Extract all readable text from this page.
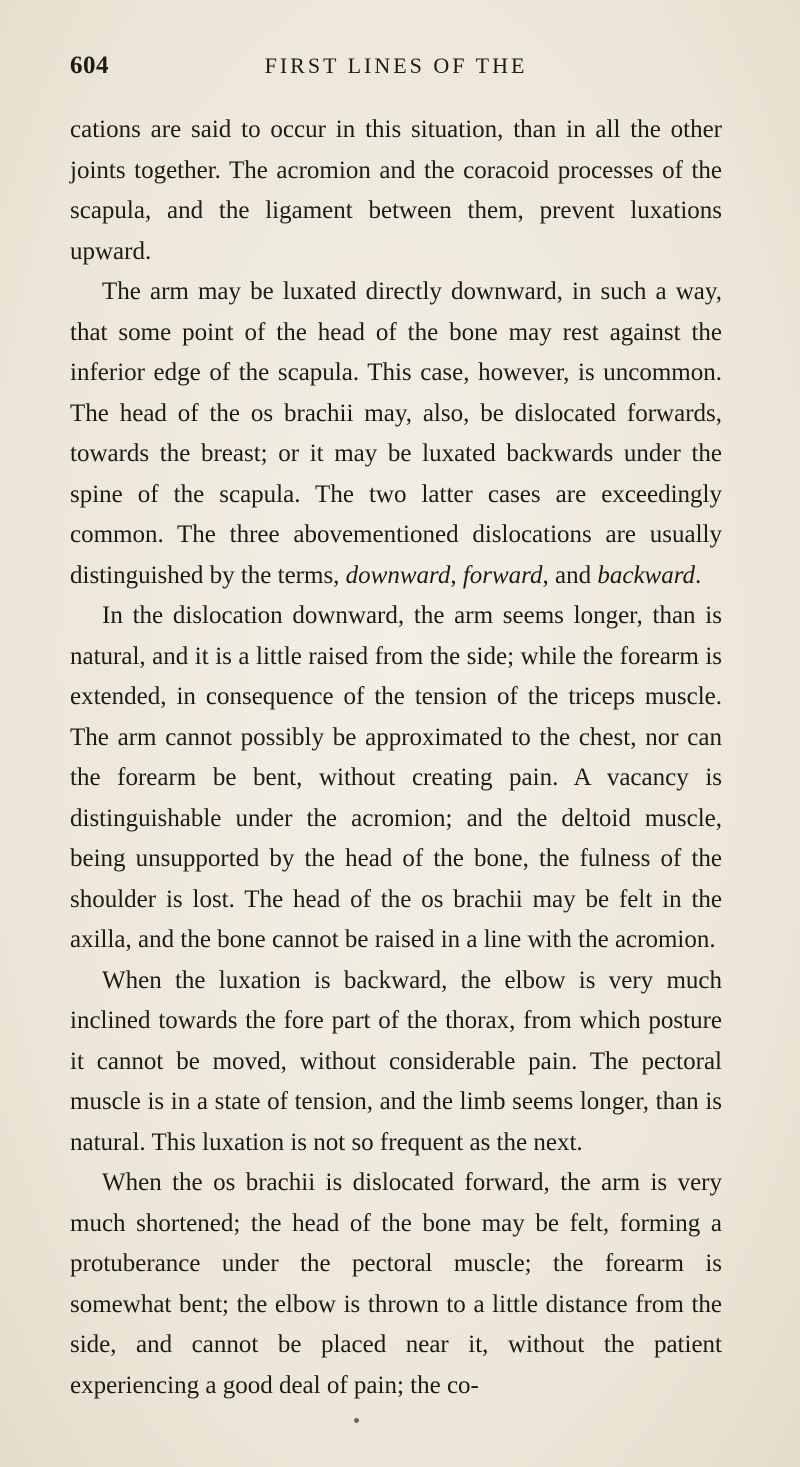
604	FIRST LINES OF THE

cations are said to occur in this situation, than in all the other joints together. The acromion and the coracoid processes of the scapula, and the ligament between them, prevent luxations upward.

The arm may be luxated directly downward, in such a way, that some point of the head of the bone may rest against the inferior edge of the scapula. This case, however, is uncommon. The head of the os brachii may, also, be dislocated forwards, towards the breast; or it may be luxated backwards under the spine of the scapula. The two latter cases are exceedingly common. The three abovementioned dislocations are usually distinguished by the terms, downward, forward, and backward.

In the dislocation downward, the arm seems longer, than is natural, and it is a little raised from the side; while the forearm is extended, in consequence of the tension of the triceps muscle. The arm cannot possibly be approximated to the chest, nor can the forearm be bent, without creating pain. A vacancy is distinguishable under the acromion; and the deltoid muscle, being unsupported by the head of the bone, the fulness of the shoulder is lost. The head of the os brachii may be felt in the axilla, and the bone cannot be raised in a line with the acromion.

When the luxation is backward, the elbow is very much inclined towards the fore part of the thorax, from which posture it cannot be moved, without considerable pain. The pectoral muscle is in a state of tension, and the limb seems longer, than is natural. This luxation is not so frequent as the next.

When the os brachii is dislocated forward, the arm is very much shortened; the head of the bone may be felt, forming a protuberance under the pectoral muscle; the forearm is somewhat bent; the elbow is thrown to a little distance from the side, and cannot be placed near it, without the patient experiencing a good deal of pain; the co-
